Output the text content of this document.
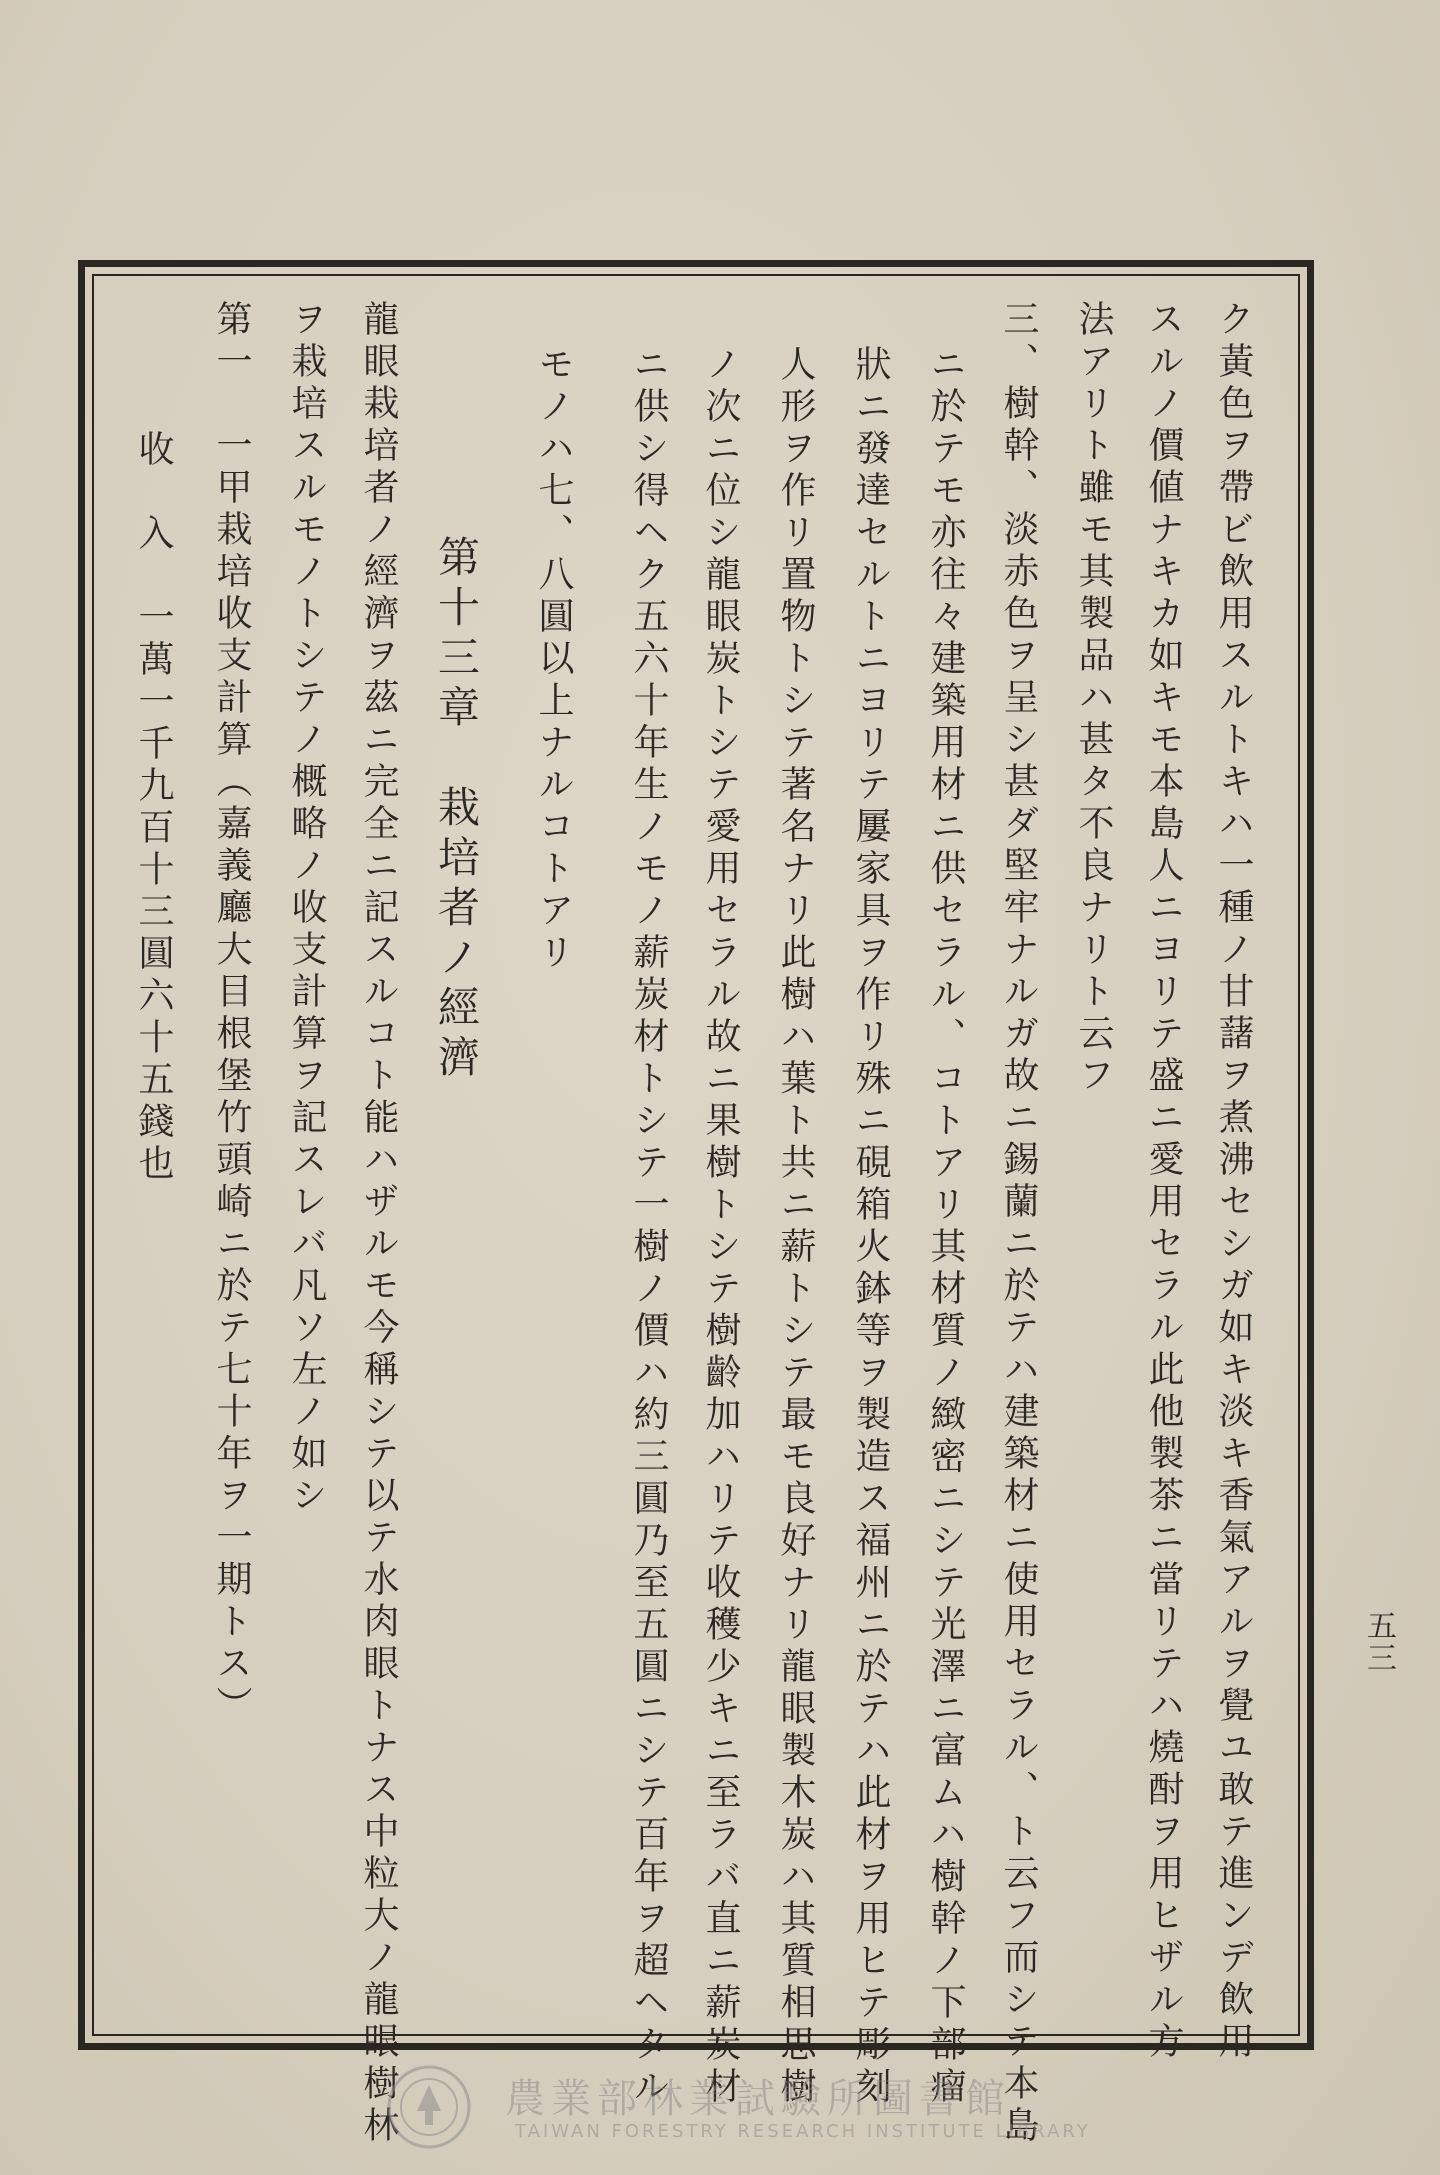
ク黃色ヲ帶ビ飲用スルトキハ一種ノ甘藷ヲ煮沸セシガ如キ淡キ香氣アルヲ覺ユ敢テ進ンデ飲用
スルノ價値ナキカ如キモ本島人ニヨリテ盛ニ愛用セラル此他製茶ニ當リテハ燒酎ヲ用ヒザル方
法アリト雖モ其製品ハ甚タ不良ナリト云フ
三、樹幹、淡赤色ヲ呈シ甚ダ堅牢ナルガ故ニ錫蘭ニ於テハ建築材ニ使用セラル、ト云フ而シテ本島
ニ於テモ亦往々建築用材ニ供セラル、コトアリ其材質ノ緻密ニシテ光澤ニ富ムハ樹幹ノ下部瘤
狀ニ發達セルトニヨリテ屢家具ヲ作リ殊ニ硯箱火鉢等ヲ製造ス福州ニ於テハ此材ヲ用ヒテ彫刻
人形ヲ作リ置物トシテ著名ナリ此樹ハ葉ト共ニ薪トシテ最モ良好ナリ龍眼製木炭ハ其質相思樹
ノ次ニ位シ龍眼炭トシテ愛用セラル故ニ果樹トシテ樹齡加ハリテ收穫少キニ至ラバ直ニ薪炭材
ニ供シ得ヘク五六十年生ノモノ薪炭材トシテ一樹ノ價ハ約三圓乃至五圓ニシテ百年ヲ超ヘタル
モノハ七、八圓以上ナルコトアリ
第十三章　栽培者ノ經濟
龍眼栽培者ノ經濟ヲ茲ニ完全ニ記スルコト能ハザルモ今稱シテ以テ水肉眼トナス中粒大ノ龍眼樹林
ヲ栽培スルモノトシテノ概略ノ收支計算ヲ記スレバ凡ソ左ノ如シ
第一　一甲栽培收支計算（嘉義廳大目根堡竹頭崎ニ於テ七十年ヲ一期トス）
收　入　一萬一千九百十三圓六十五錢也
五三
農業部林業試驗所圖書館
TAIWAN FORESTRY RESEARCH INSTITUTE LIBRARY
